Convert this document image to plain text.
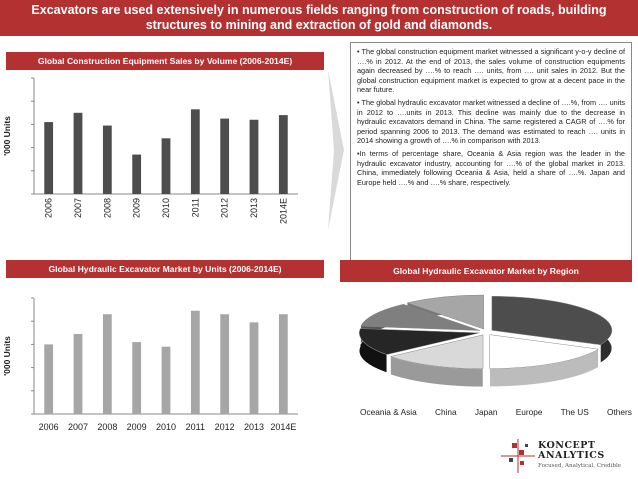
Excavators are used extensively in numerous fields ranging from construction of roads, building
structures to mining and extraction of gold and diamonds.
Global Construction Equipment Sales by Volume (2006-2014E)
2006 2007 2008 2009 2010 2011 2012 2013 2014E
'000 Units
Global Hydraulic Excavator Market by Units (2006-2014E)
2006 2007 2008 2009 2010 2011 2012 2013 2014E
'000 Units

• The global construction equipment market witnessed a significant y-o-y decline of ….% in 2012. At the end of 2013, the sales volume of construction equipments again decreased by ….% to reach …. units, from …. unit sales in 2012. But the global construction equipment market is expected to grow at a decent pace in the near future.

• The global hydraulic excavator market witnessed a decline of ….%, from …. units in 2012 to ….units in 2013. This decline was mainly due to the decrease in hydraulic excavators demand in China. The same registered a CAGR of ….% for period spanning 2006 to 2013. The demand was estimated to reach …. units in 2014 showing a growth of ….% in comparison with 2013.

•In terms of percentage share, Oceania & Asia region was the leader in the hydraulic excavator industry, accounting for ….% of the global market in 2013. China, immediately following Oceania & Asia, held a share of ….%. Japan and Europe held ….% and ….% share, respectively.

Global Hydraulic Excavator Market by Region
Oceania & Asia China Japan Europe The US Others
KONCEPT
ANALYTICS
Focused, Analytical, Credible
